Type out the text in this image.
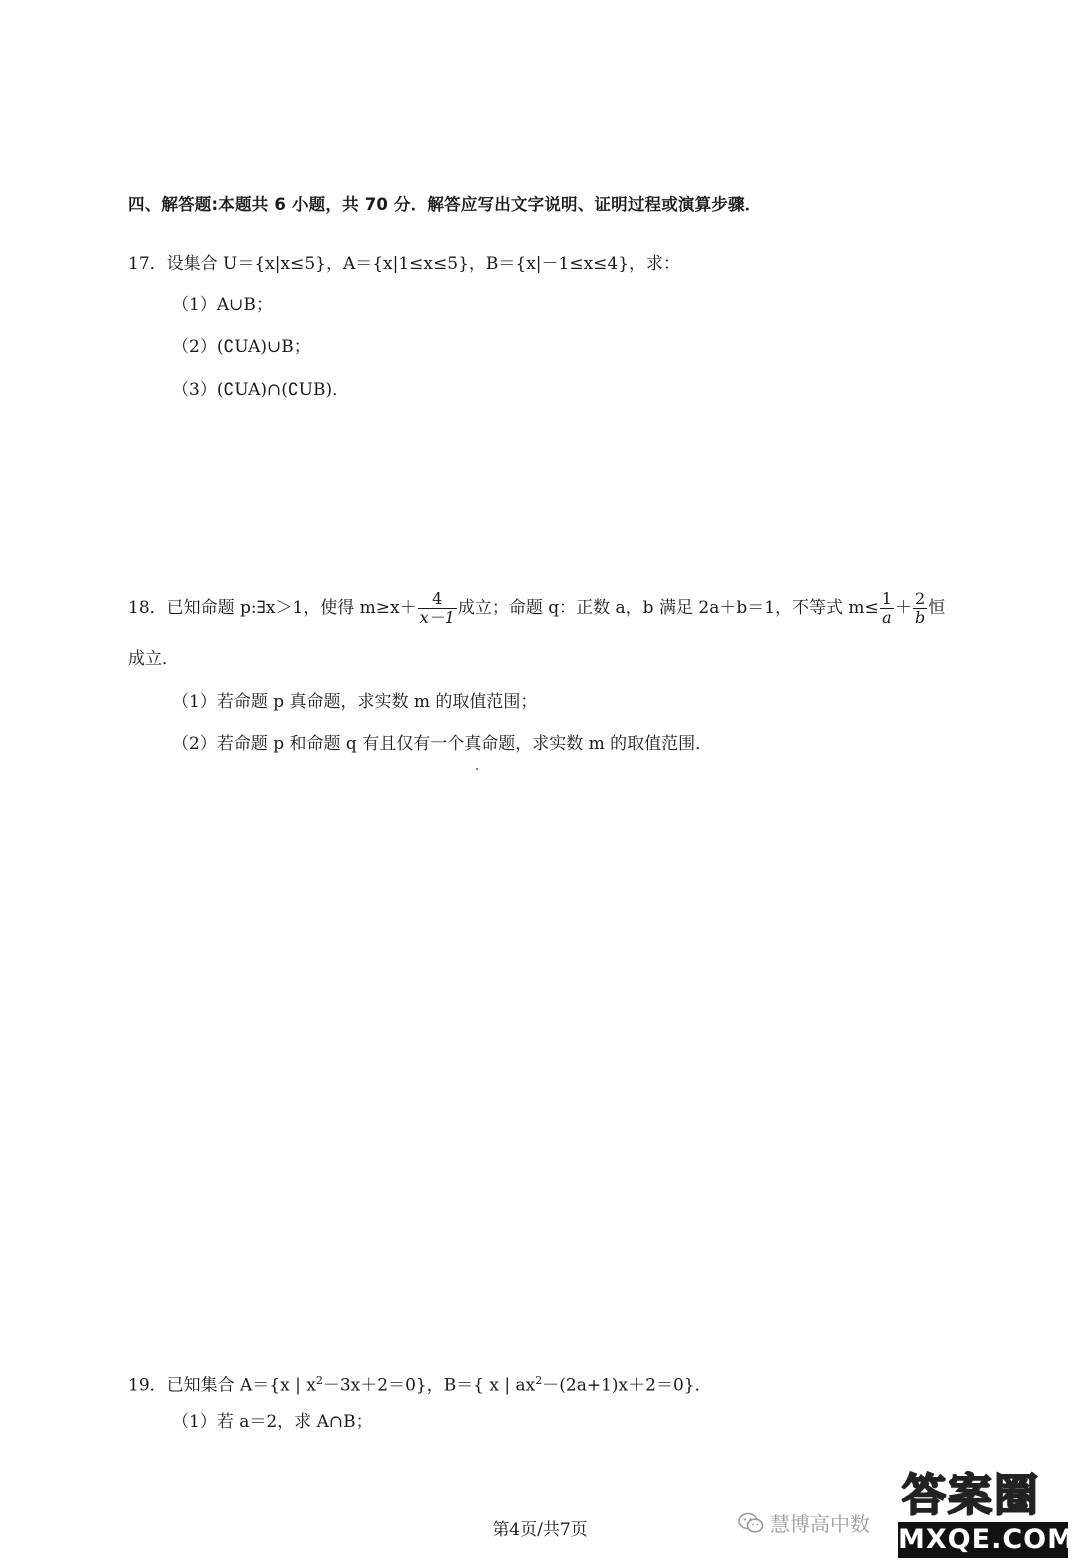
四、解答题:本题共 6 小题，共 70 分．解答应写出文字说明、证明过程或演算步骤．
17．设集合 U＝{x|x≤5}，A＝{x|1≤x≤5}，B＝{x|－1≤x≤4}，求：
（1）A∪B；
（2）(∁UA)∪B；
（3）(∁UA)∩(∁UB)．
18．已知命题 p:∃x＞1，使得 $m\ge x+ \frac{4}{x-1}$ 成立；命题 q：正数 a，b 满足 2a＋b＝1，不等式 $m\le \frac{1}{a} + \frac{2}{b}$ 恒
成立．
（1）若命题 p 真命题，求实数 m 的取值范围；
（2）若命题 p 和命题 q 有且仅有一个真命题，求实数 m 的取值范围．
19．已知集合 A＝{x | $x^2-3x+2=0$}，B＝{ x | $ax^2-(2a+1)x+2=0$}．
（1）若 a＝2，求 A∩B；
第4页/共7页	慧博高中数
答案圈
MXQE.COM
